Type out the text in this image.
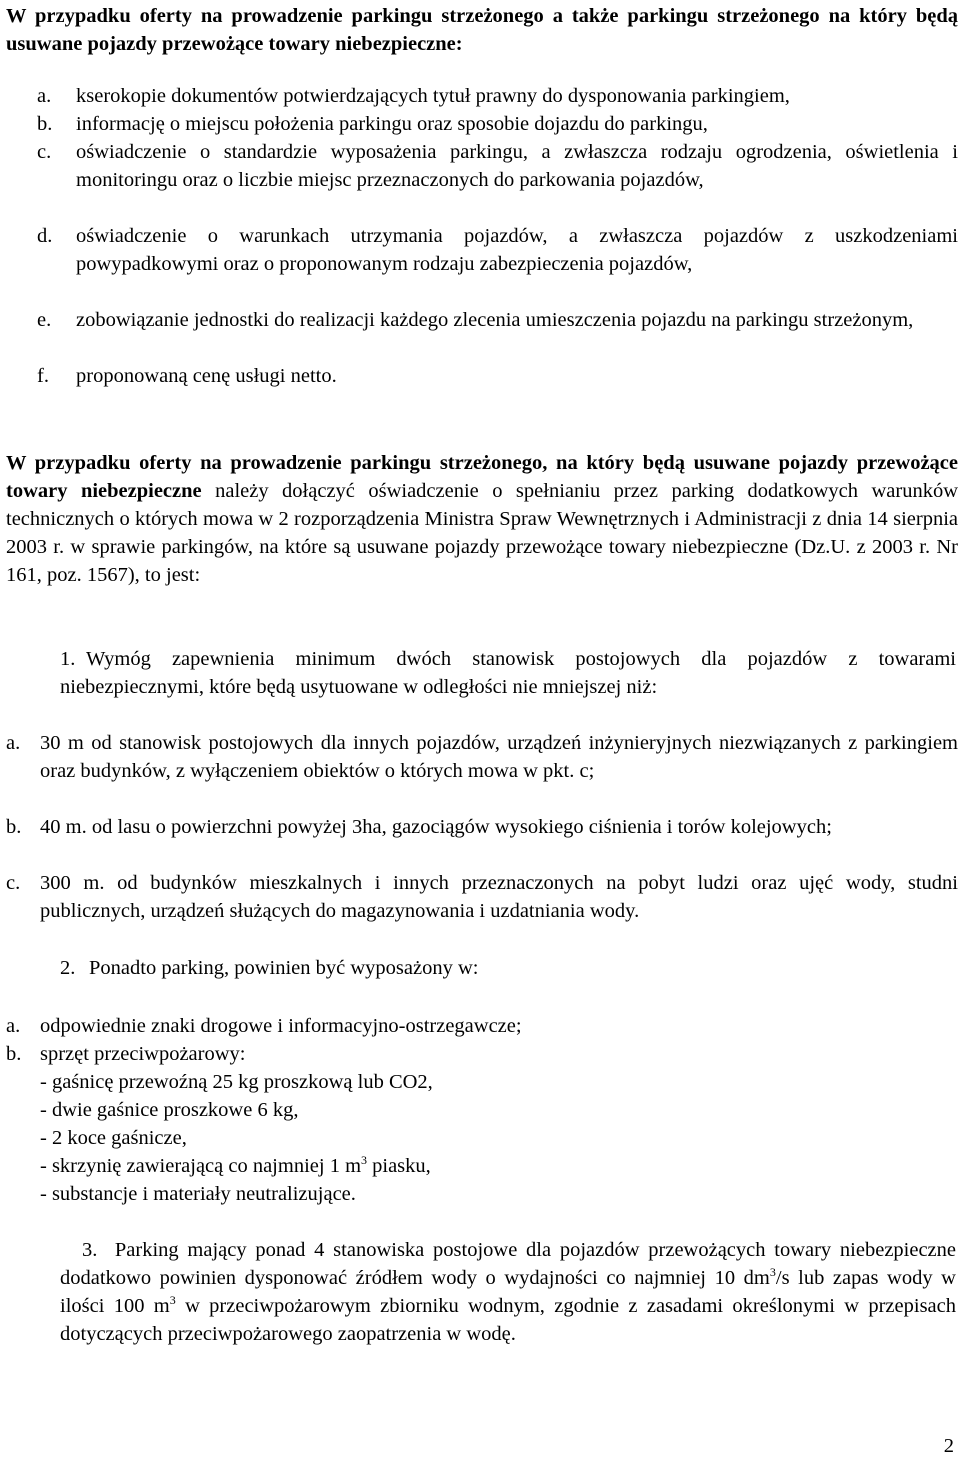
W przypadku oferty na prowadzenie parkingu strzeżonego a także parkingu strzeżonego na który będą usuwane pojazdy przewożące towary niebezpieczne:

a. kserokopie dokumentów potwierdzających tytuł prawny do dysponowania parkingiem,
b. informację o miejscu położenia parkingu oraz sposobie dojazdu do parkingu,
c. oświadczenie o standardzie wyposażenia parkingu, a zwłaszcza rodzaju ogrodzenia, oświetlenia i monitoringu oraz o liczbie miejsc przeznaczonych do parkowania pojazdów,
d. oświadczenie o warunkach utrzymania pojazdów, a zwłaszcza pojazdów z uszkodzeniami powypadkowymi oraz o proponowanym rodzaju zabezpieczenia pojazdów,
e. zobowiązanie jednostki do realizacji każdego zlecenia umieszczenia pojazdu na parkingu strzeżonym,
f. proponowaną cenę usługi netto.

W przypadku oferty na prowadzenie parkingu strzeżonego, na który będą usuwane pojazdy przewożące towary niebezpieczne należy dołączyć oświadczenie o spełnianiu przez parking dodatkowych warunków technicznych o których mowa w 2 rozporządzenia Ministra Spraw Wewnętrznych i Administracji z dnia 14 sierpnia 2003 r. w sprawie parkingów, na które są usuwane pojazdy przewożące towary niebezpieczne (Dz.U. z 2003 r. Nr 161, poz. 1567), to jest:

1. Wymóg zapewnienia minimum dwóch stanowisk postojowych dla pojazdów z towarami niebezpiecznymi, które będą usytuowane w odległości nie mniejszej niż:
a. 30 m od stanowisk postojowych dla innych pojazdów, urządzeń inżynieryjnych niezwiązanych z parkingiem oraz budynków, z wyłączeniem obiektów o których mowa w pkt. c;
b. 40 m. od lasu o powierzchni powyżej 3ha, gazociągów wysokiego ciśnienia i torów kolejowych;
c. 300 m. od budynków mieszkalnych i innych przeznaczonych na pobyt ludzi oraz ujęć wody, studni publicznych, urządzeń służących do magazynowania i uzdatniania wody.
2. Ponadto parking, powinien być wyposażony w:
a. odpowiednie znaki drogowe i informacyjno-ostrzegawcze;
b. sprzęt przeciwpożarowy:
- gaśnicę przewoźną 25 kg proszkową lub CO2,
- dwie gaśnice proszkowe 6 kg,
- 2 koce gaśnicze,
- skrzynię zawierającą co najmniej 1 $m^3$ piasku,
- substancje i materiały neutralizujące.

3. Parking mający ponad 4 stanowiska postojowe dla pojazdów przewożących towary niebezpieczne dodatkowo powinien dysponować źródłem wody o wydajności co najmniej 10 $dm^3/s$ lub zapas wody w ilości 100 $m^3$ w przeciwpożarowym zbiorniku wodnym, zgodnie z zasadami określonymi w przepisach dotyczących przeciwpożarowego zaopatrzenia w wodę.

2
